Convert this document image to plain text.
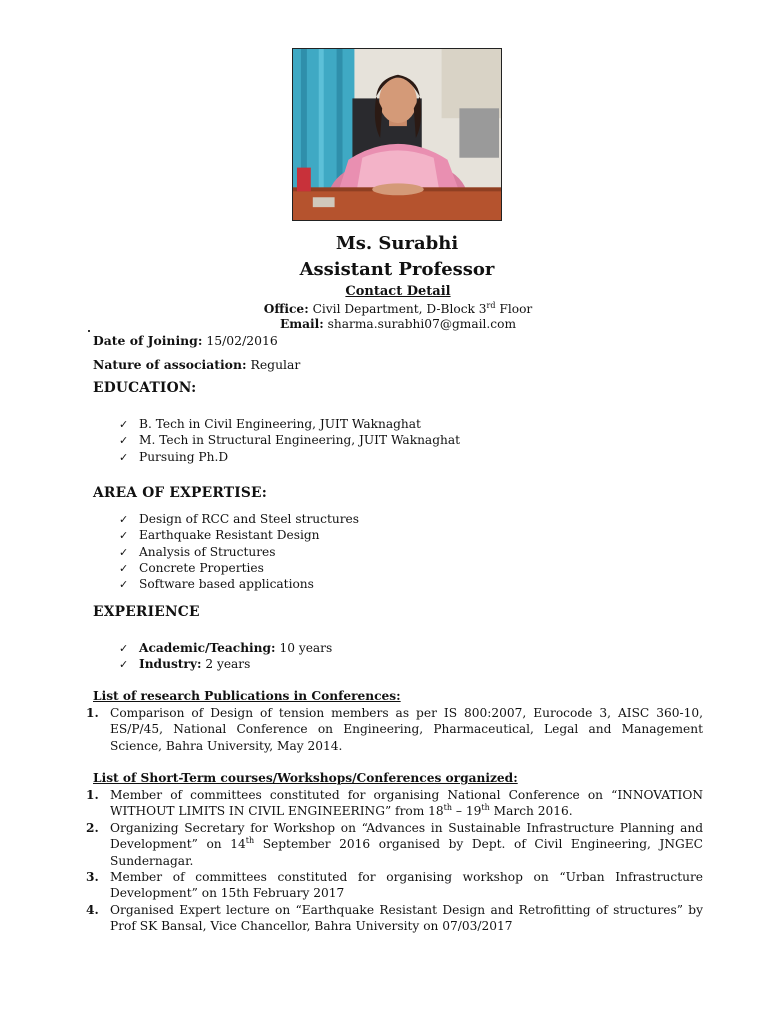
Ms. Surabhi
Assistant Professor
Contact Detail
Office: Civil Department, D-Block 3rd Floor
Email: sharma.surabhi07@gmail.com
Date of Joining: 15/02/2016
Nature of association: Regular
EDUCATION:
✓ B. Tech in Civil Engineering, JUIT Waknaghat
✓ M. Tech in Structural Engineering, JUIT Waknaghat
✓ Pursuing Ph.D
AREA OF EXPERTISE:
✓ Design of RCC and Steel structures
✓ Earthquake Resistant Design
✓ Analysis of Structures
✓ Concrete Properties
✓ Software based applications
EXPERIENCE
✓ Academic/Teaching: 10 years
✓ Industry: 2 years
List of research Publications in Conferences:
1. Comparison of Design of tension members as per IS 800:2007, Eurocode 3, AISC 360-10, ES/P/45, National Conference on Engineering, Pharmaceutical, Legal and Management Science, Bahra University, May 2014.
List of Short-Term courses/Workshops/Conferences organized:
1. Member of committees constituted for organising National Conference on “INNOVATION WITHOUT LIMITS IN CIVIL ENGINEERING” from 18th – 19th March 2016.
2. Organizing Secretary for Workshop on “Advances in Sustainable Infrastructure Planning and Development” on 14th September 2016 organised by Dept. of Civil Engineering, JNGEC Sundernagar.
3. Member of committees constituted for organising workshop on “Urban Infrastructure Development” on 15th February 2017
4. Organised Expert lecture on “Earthquake Resistant Design and Retrofitting of structures” by Prof SK Bansal, Vice Chancellor, Bahra University on 07/03/2017
